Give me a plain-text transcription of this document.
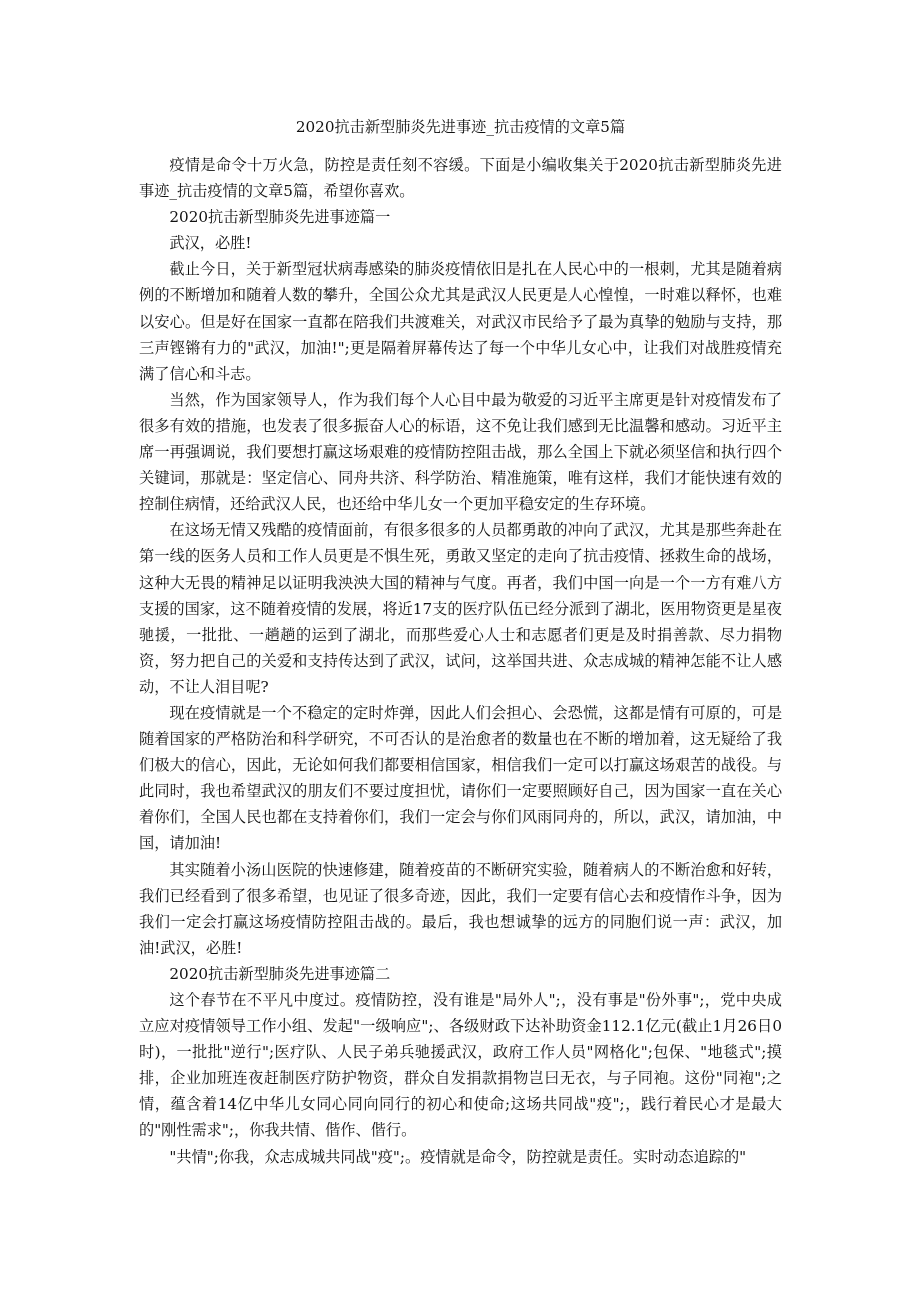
2020抗击新型肺炎先进事迹_抗击疫情的文章5篇

疫情是命令十万火急，防控是责任刻不容缓。下面是小编收集关于2020抗击新型肺炎先进事迹_抗击疫情的文章5篇，希望你喜欢。

2020抗击新型肺炎先进事迹篇一

武汉，必胜!

截止今日，关于新型冠状病毒感染的肺炎疫情依旧是扎在人民心中的一根刺，尤其是随着病例的不断增加和随着人数的攀升，全国公众尤其是武汉人民更是人心惶惶，一时难以释怀，也难以安心。但是好在国家一直都在陪我们共渡难关，对武汉市民给予了最为真挚的勉励与支持，那三声铿锵有力的"武汉，加油!";更是隔着屏幕传达了每一个中华儿女心中，让我们对战胜疫情充满了信心和斗志。

当然，作为国家领导人，作为我们每个人心目中最为敬爱的习近平主席更是针对疫情发布了很多有效的措施，也发表了很多振奋人心的标语，这不免让我们感到无比温馨和感动。习近平主席一再强调说，我们要想打赢这场艰难的疫情防控阻击战，那么全国上下就必须坚信和执行四个关键词，那就是：坚定信心、同舟共济、科学防治、精准施策，唯有这样，我们才能快速有效的控制住病情，还给武汉人民，也还给中华儿女一个更加平稳安定的生存环境。

在这场无情又残酷的疫情面前，有很多很多的人员都勇敢的冲向了武汉，尤其是那些奔赴在第一线的医务人员和工作人员更是不惧生死，勇敢又坚定的走向了抗击疫情、拯救生命的战场，这种大无畏的精神足以证明我泱泱大国的精神与气度。再者，我们中国一向是一个一方有难八方支援的国家，这不随着疫情的发展，将近17支的医疗队伍已经分派到了湖北，医用物资更是星夜驰援，一批批、一趟趟的运到了湖北，而那些爱心人士和志愿者们更是及时捐善款、尽力捐物资，努力把自己的关爱和支持传达到了武汉，试问，这举国共进、众志成城的精神怎能不让人感动，不让人泪目呢?

现在疫情就是一个不稳定的定时炸弹，因此人们会担心、会恐慌，这都是情有可原的，可是随着国家的严格防治和科学研究，不可否认的是治愈者的数量也在不断的增加着，这无疑给了我们极大的信心，因此，无论如何我们都要相信国家，相信我们一定可以打赢这场艰苦的战役。与此同时，我也希望武汉的朋友们不要过度担忧，请你们一定要照顾好自己，因为国家一直在关心着你们，全国人民也都在支持着你们，我们一定会与你们风雨同舟的，所以，武汉，请加油，中国，请加油!

其实随着小汤山医院的快速修建，随着疫苗的不断研究实验，随着病人的不断治愈和好转，我们已经看到了很多希望，也见证了很多奇迹，因此，我们一定要有信心去和疫情作斗争，因为我们一定会打赢这场疫情防控阻击战的。最后，我也想诚挚的远方的同胞们说一声：武汉，加油!武汉，必胜!

2020抗击新型肺炎先进事迹篇二

这个春节在不平凡中度过。疫情防控，没有谁是"局外人";，没有事是"份外事";，党中央成立应对疫情领导工作小组、发起"一级响应";、各级财政下达补助资金112.1亿元(截止1月26日0时)，一批批"逆行";医疗队、人民子弟兵驰援武汉，政府工作人员"网格化";包保、"地毯式";摸排，企业加班连夜赶制医疗防护物资，群众自发捐款捐物岂曰无衣，与子同袍。这份"同袍";之情，蕴含着14亿中华儿女同心同向同行的初心和使命;这场共同战"疫";，践行着民心才是最大的"刚性需求";，你我共情、偕作、偕行。

"共情";你我，众志成城共同战"疫";。疫情就是命令，防控就是责任。实时动态追踪的"
